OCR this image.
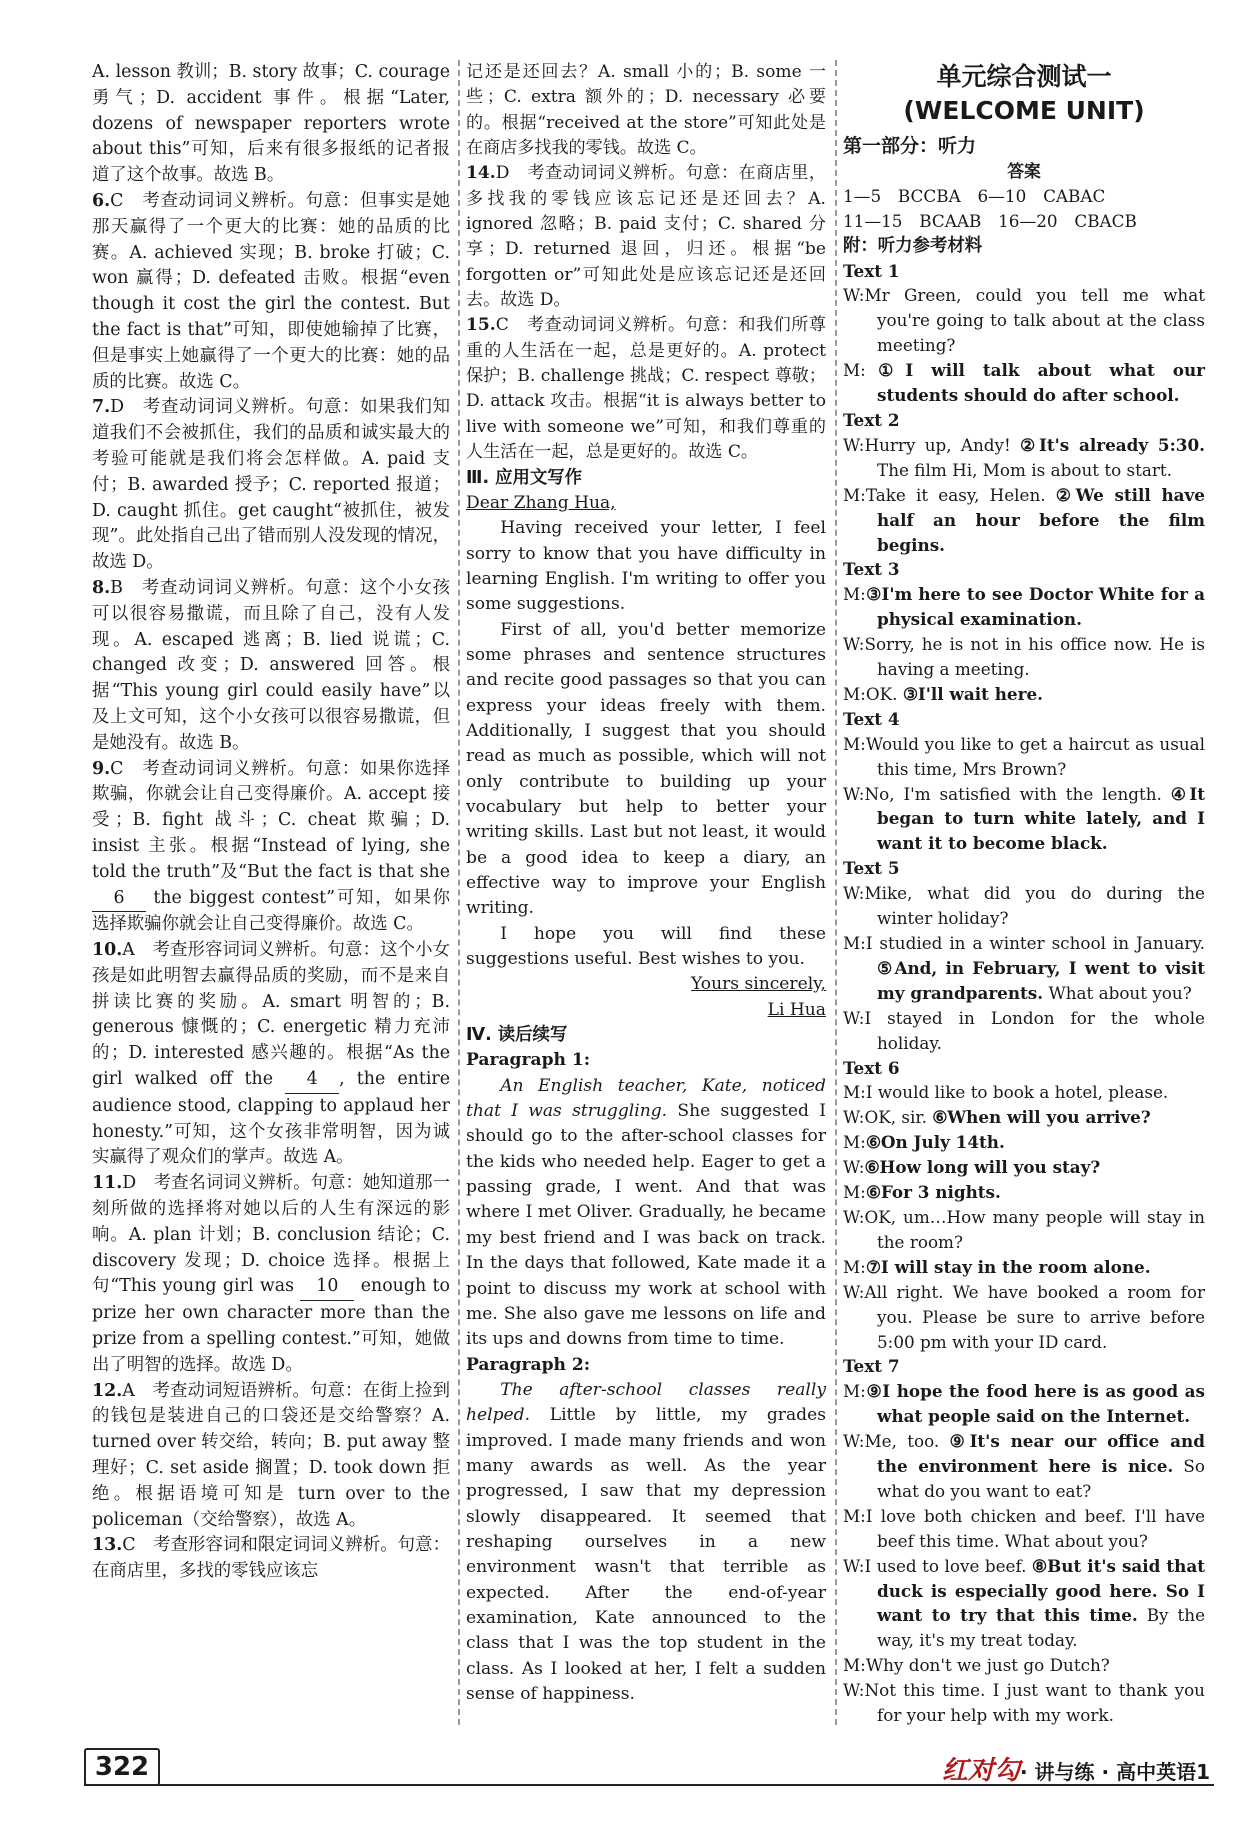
A. lesson 教训；B. story 故事；C. courage 勇气；D. accident 事件。根据“Later, dozens of newspaper reporters wrote about this”可知，后来有很多报纸的记者报道了这个故事。故选 B。

6.C　考查动词词义辨析。句意：但事实是她那天赢得了一个更大的比赛：她的品质的比赛。A. achieved 实现；B. broke 打破；C. won 赢得；D. defeated 击败。根据“even though it cost the girl the contest. But the fact is that”可知，即使她输掉了比赛，但是事实上她赢得了一个更大的比赛：她的品质的比赛。故选 C。

7.D　考查动词词义辨析。句意：如果我们知道我们不会被抓住，我们的品质和诚实最大的考验可能就是我们将会怎样做。A. paid 支付；B. awarded 授予；C. reported 报道；D. caught 抓住。get caught“被抓住，被发现”。此处指自己出了错而别人没发现的情况，故选 D。

8.B　考查动词词义辨析。句意：这个小女孩可以很容易撒谎，而且除了自己，没有人发现。A. escaped 逃离；B. lied 说谎；C. changed 改变；D. answered 回答。根据“This young girl could easily have”以及上文可知，这个小女孩可以很容易撒谎，但是她没有。故选 B。

9.C　考查动词词义辨析。句意：如果你选择欺骗，你就会让自己变得廉价。A. accept 接受；B. fight 战斗；C. cheat 欺骗；D. insist 主张。根据“Instead of lying, she told the truth”及“But the fact is that she 6 the biggest contest”可知，如果你选择欺骗你就会让自己变得廉价。故选 C。

10.A　考查形容词词义辨析。句意：这个小女孩是如此明智去赢得品质的奖励，而不是来自拼读比赛的奖励。A. smart 明智的；B. generous 慷慨的；C. energetic 精力充沛的；D. interested 感兴趣的。根据“As the girl walked off the 4 , the entire audience stood, clapping to applaud her honesty.”可知，这个女孩非常明智，因为诚实赢得了观众们的掌声。故选 A。

11.D　考查名词词义辨析。句意：她知道那一刻所做的选择将对她以后的人生有深远的影响。A. plan 计划；B. conclusion 结论；C. discovery 发现；D. choice 选择。根据上句“This young girl was 10 enough to prize her own character more than the prize from a spelling contest.”可知，她做出了明智的选择。故选 D。

12.A　考查动词短语辨析。句意：在街上捡到的钱包是装进自己的口袋还是交给警察？A. turned over 转交给，转向；B. put away 整理好；C. set aside 搁置；D. took down 拒绝。根据语境可知是 turn over to the policeman（交给警察），故选 A。

13.C　考查形容词和限定词词义辨析。句意：在商店里，多找的零钱应该忘

记还是还回去？A. small 小的；B. some 一些；C. extra 额外的；D. necessary 必要的。根据“received at the store”可知此处是在商店多找我的零钱。故选 C。

14.D　考查动词词义辨析。句意：在商店里，多找我的零钱应该忘记还是还回去？A. ignored 忽略；B. paid 支付；C. shared 分享；D. returned 退回，归还。根据“be forgotten or”可知此处是应该忘记还是还回去。故选 D。

15.C　考查动词词义辨析。句意：和我们所尊重的人生活在一起，总是更好的。A. protect 保护；B. challenge 挑战；C. respect 尊敬；D. attack 攻击。根据“it is always better to live with someone we”可知，和我们尊重的人生活在一起，总是更好的。故选 C。

Ⅲ. 应用文写作

Dear Zhang Hua,

Having received your letter, I feel sorry to know that you have difficulty in learning English. I'm writing to offer you some suggestions.

First of all, you'd better memorize some phrases and sentence structures and recite good passages so that you can express your ideas freely with them. Additionally, I suggest that you should read as much as possible, which will not only contribute to building up your vocabulary but help to better your writing skills. Last but not least, it would be a good idea to keep a diary, an effective way to improve your English writing.

I hope you will find these suggestions useful. Best wishes to you.

Yours sincerely,

Li Hua

Ⅳ. 读后续写

Paragraph 1:

An English teacher, Kate, noticed that I was struggling. She suggested I should go to the after-school classes for the kids who needed help. Eager to get a passing grade, I went. And that was where I met Oliver. Gradually, he became my best friend and I was back on track. In the days that followed, Kate made it a point to discuss my work at school with me. She also gave me lessons on life and its ups and downs from time to time.

Paragraph 2:

The after-school classes really helped. Little by little, my grades improved. I made many friends and won many awards as well. As the year progressed, I saw that my depression slowly disappeared. It seemed that reshaping ourselves in a new environment wasn't that terrible as expected. After the end-of-year examination, Kate announced to the class that I was the top student in the class. As I looked at her, I felt a sudden sense of happiness.

单元综合测试一

(WELCOME UNIT)

第一部分：听力

答案

1—5　BCCBA　6—10　CABAC

11—15　BCAAB　16—20　CBACB

附：听力参考材料

Text 1

W:Mr Green, could you tell me what you're going to talk about at the class meeting?

M:①I will talk about what our students should do after school.

Text 2

W:Hurry up, Andy! ②It's already 5:30. The film Hi, Mom is about to start.

M:Take it easy, Helen. ②We still have half an hour before the film begins.

Text 3

M:③I'm here to see Doctor White for a physical examination.

W:Sorry, he is not in his office now. He is having a meeting.

M:OK. ③I'll wait here.

Text 4

M:Would you like to get a haircut as usual this time, Mrs Brown?

W:No, I'm satisfied with the length. ④It began to turn white lately, and I want it to become black.

Text 5

W:Mike, what did you do during the winter holiday?

M:I studied in a winter school in January. ⑤And, in February, I went to visit my grandparents. What about you?

W:I stayed in London for the whole holiday.

Text 6

M:I would like to book a hotel, please.

W:OK, sir. ⑥When will you arrive?

M:⑥On July 14th.

W:⑥How long will you stay?

M:⑥For 3 nights.

W:OK, um…How many people will stay in the room?

M:⑦I will stay in the room alone.

W:All right. We have booked a room for you. Please be sure to arrive before 5:00 pm with your ID card.

Text 7

M:⑨I hope the food here is as good as what people said on the Internet.

W:Me, too. ⑨It's near our office and the environment here is nice. So what do you want to eat?

M:I love both chicken and beef. I'll have beef this time. What about you?

W:I used to love beef. ⑧But it's said that duck is especially good here. So I want to try that this time. By the way, it's my treat today.

M:Why don't we just go Dutch?

W:Not this time. I just want to thank you for your help with my work.

322	红对勾· 讲与练 · 高中英语1
